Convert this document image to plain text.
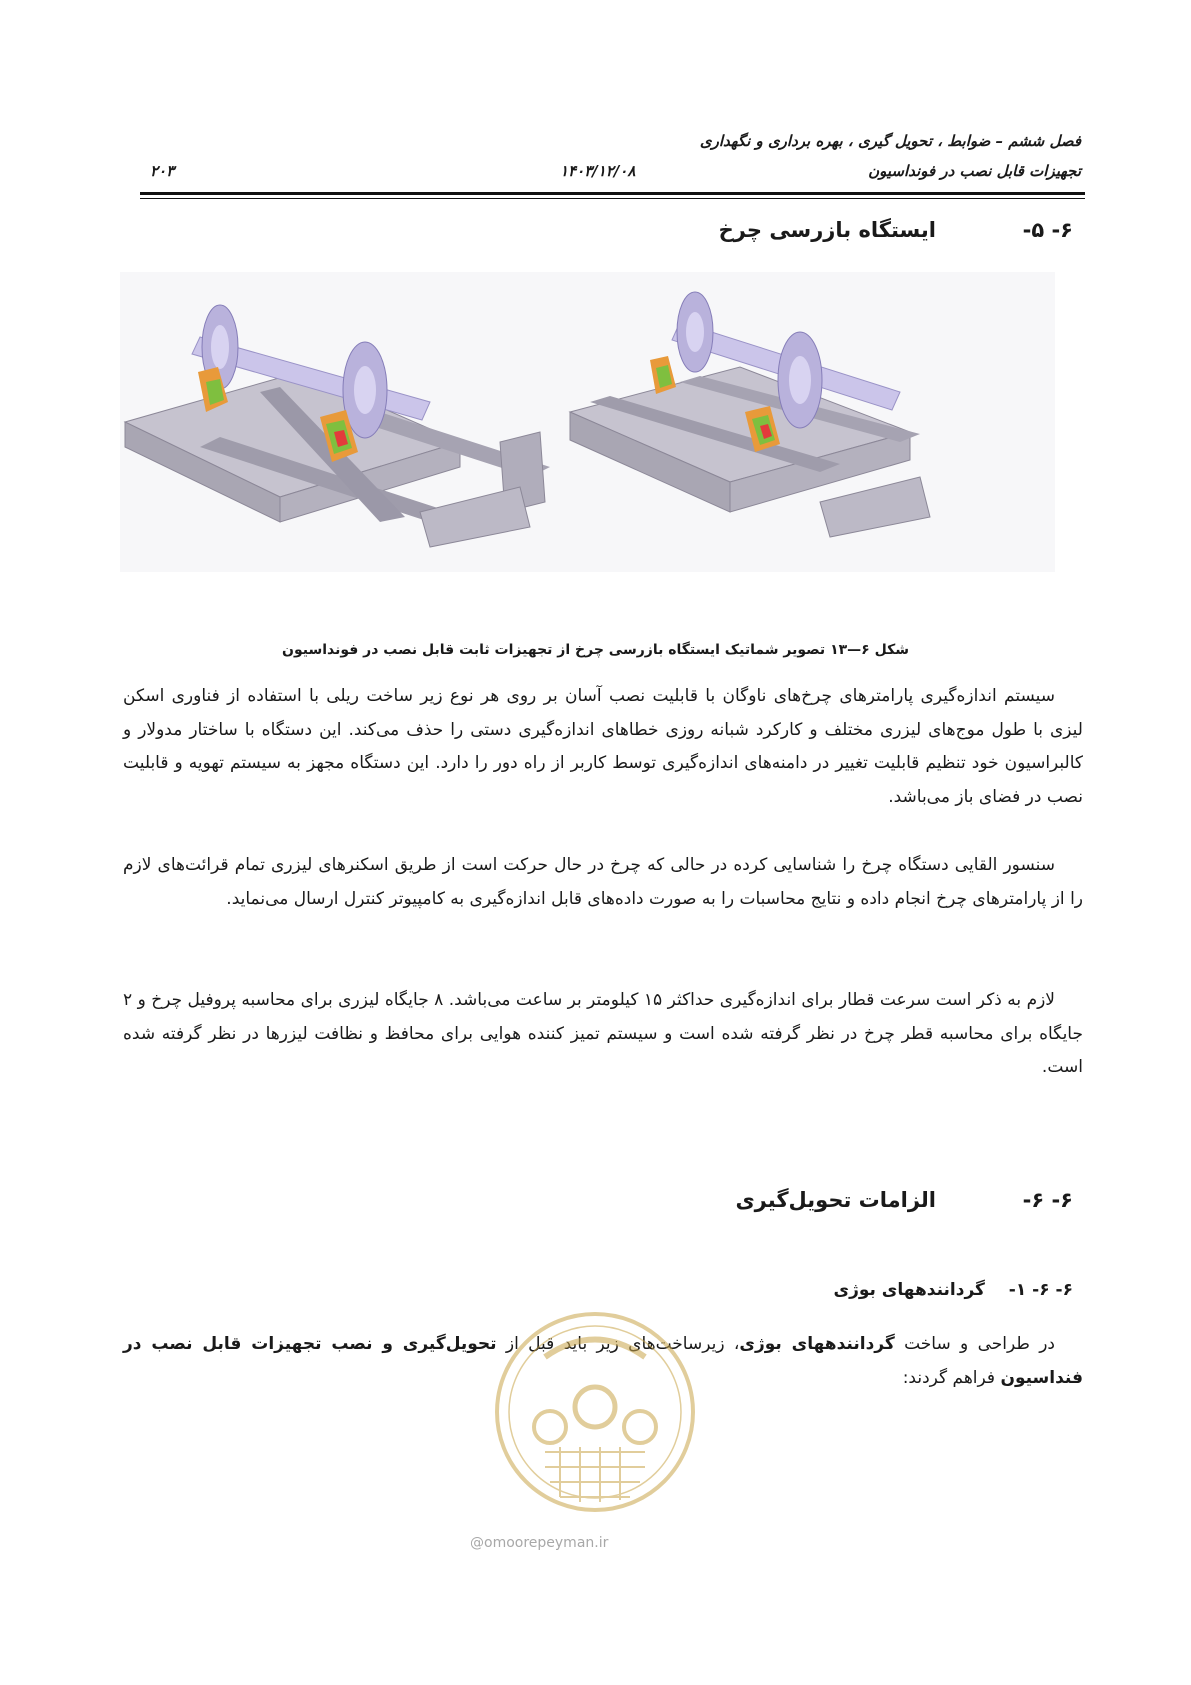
فصل ششم – ضوابط ، تحویل گیری ، بهره برداری و نگهداری
تجهیزات قابل نصب در فونداسیون
۱۴۰۳/۱۲/۰۸
۲۰۳
۶- ۵-
ایستگاه بازرسی چرخ
شکل ۶—۱۳ تصویر شماتیک ایستگاه بازرسی چرخ از تجهیزات ثابت قابل نصب در فونداسیون
سیستم اندازه‌گیری پارامترهای چرخ‌های ناوگان با قابلیت نصب آسان بر روی هر نوع زیر ساخت ریلی با استفاده از فناوری اسکن لیزی با طول موج‌های لیزری مختلف و کارکرد شبانه روزی خطاهای اندازه‌گیری دستی را حذف می‌کند. این دستگاه با ساختار مدولار و کالبراسیون خود تنظیم قابلیت تغییر در دامنه‌های اندازه‌گیری توسط کاربر از راه دور را دارد. این دستگاه مجهز به سیستم تهویه و قابلیت نصب در فضای باز می‌باشد.
سنسور القایی دستگاه چرخ را شناسایی کرده در حالی که چرخ در حال حرکت است از طریق اسکنرهای لیزری تمام قرائت‌های لازم را از پارامترهای چرخ انجام داده و نتایج محاسبات را به صورت داده‌های قابل اندازه‌گیری به کامپیوتر کنترل ارسال می‌نماید.
لازم به ذکر است سرعت قطار برای اندازه‌گیری حداکثر ۱۵ کیلومتر بر ساعت می‌باشد. ۸ جایگاه لیزری برای محاسبه پروفیل چرخ و ۲ جایگاه برای محاسبه قطر چرخ در نظر گرفته شده است و سیستم تمیز کننده هوایی برای محافظ و نظافت لیزرها در نظر گرفته شده است.
۶- ۶-
الزامات تحویل‌گیری
۶- ۶- ۱-  گردانندههای بوژی
در طراحی و ساخت گردانندههای بوژی، زیرساخت‌های زیر باید قبل از تحویل‌گیری و نصب تجهیزات قابل نصب در فنداسیون فراهم گردند:
@omoorepeyman.ir
